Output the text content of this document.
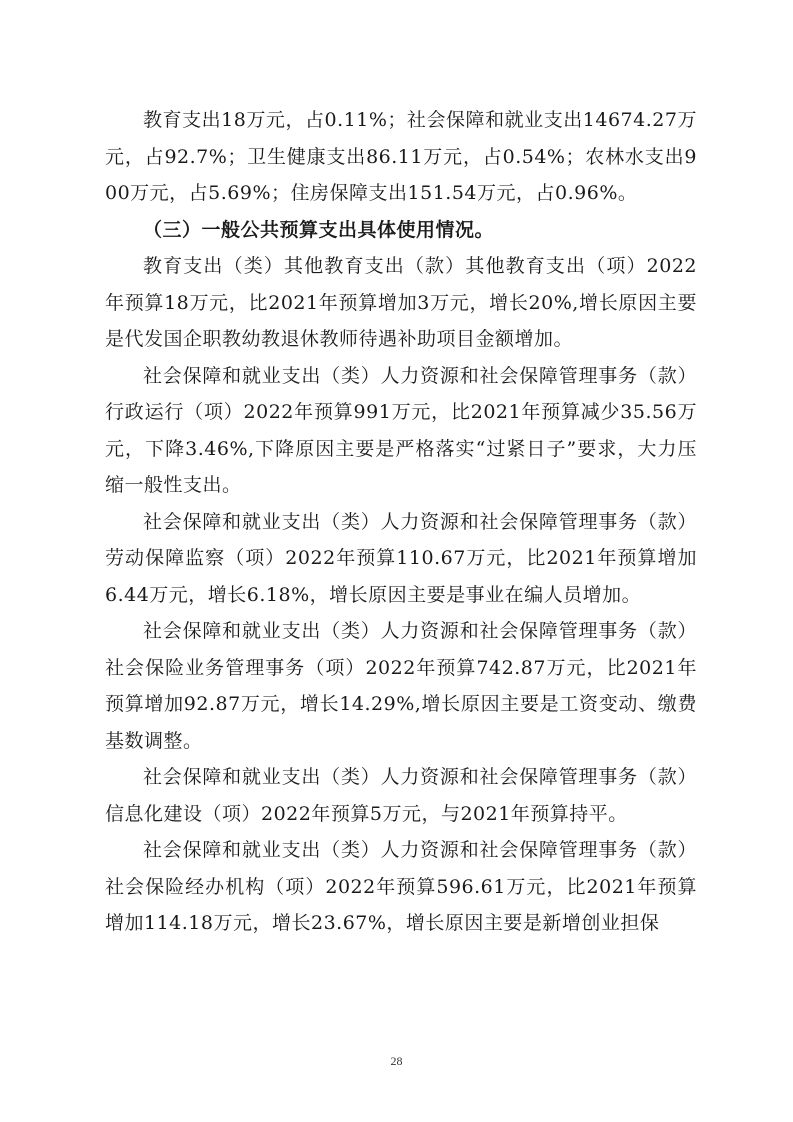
教育支出18万元，占0.11%；社会保障和就业支出14674.27万元，占92.7%；卫生健康支出86.11万元，占0.54%；农林水支出900万元，占5.69%；住房保障支出151.54万元，占0.96%。

（三）一般公共预算支出具体使用情况。

教育支出（类）其他教育支出（款）其他教育支出（项）2022年预算18万元，比2021年预算增加3万元，增长20%,增长原因主要是代发国企职教幼教退休教师待遇补助项目金额增加。

社会保障和就业支出（类）人力资源和社会保障管理事务（款）行政运行（项）2022年预算991万元，比2021年预算减少35.56万元，下降3.46%,下降原因主要是严格落实“过紧日子”要求，大力压缩一般性支出。

社会保障和就业支出（类）人力资源和社会保障管理事务（款）劳动保障监察（项）2022年预算110.67万元，比2021年预算增加6.44万元，增长6.18%，增长原因主要是事业在编人员增加。

社会保障和就业支出（类）人力资源和社会保障管理事务（款）社会保险业务管理事务（项）2022年预算742.87万元，比2021年预算增加92.87万元，增长14.29%,增长原因主要是工资变动、缴费基数调整。

社会保障和就业支出（类）人力资源和社会保障管理事务（款）信息化建设（项）2022年预算5万元，与2021年预算持平。

社会保障和就业支出（类）人力资源和社会保障管理事务（款）社会保险经办机构（项）2022年预算596.61万元，比2021年预算增加114.18万元，增长23.67%，增长原因主要是新增创业担保

28
